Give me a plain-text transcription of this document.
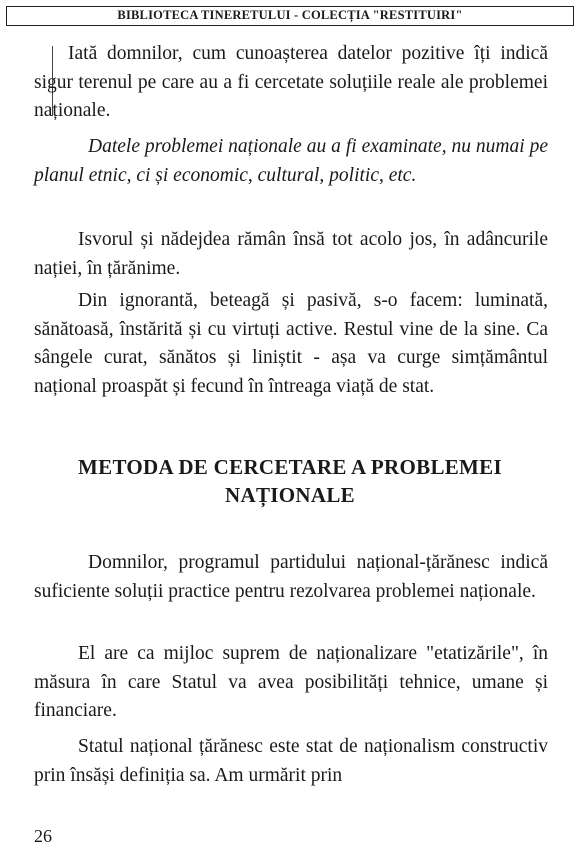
BIBLIOTECA TINERETULUI - COLECȚIA "RESTITUIRI"

Iată domnilor, cum cunoașterea datelor pozitive îți indică sigur terenul pe care au a fi cercetate soluțiile reale ale problemei naționale.

Datele problemei naționale au a fi examinate, nu numai pe planul etnic, ci și economic, cultural, politic, etc.

Isvorul și nădejdea rămân însă tot acolo jos, în adâncurile nației, în țărănime.

Din ignorantă, beteagă și pasivă, s-o facem: luminată, sănătoasă, înstărită și cu virtuți active. Restul vine de la sine. Ca sângele curat, sănătos și liniștit - așa va curge simțământul național proaspăt și fecund în întreaga viață de stat.

METODA DE CERCETARE A PROBLEMEI NAȚIONALE

Domnilor, programul partidului național-țărănesc indică suficiente soluții practice pentru rezolvarea problemei naționale.

El are ca mijloc suprem de naționalizare "etatizările", în măsura în care Statul va avea posibilități tehnice, umane și financiare.

Statul național țărănesc este stat de naționalism constructiv prin însăși definiția sa. Am urmărit prin

26
